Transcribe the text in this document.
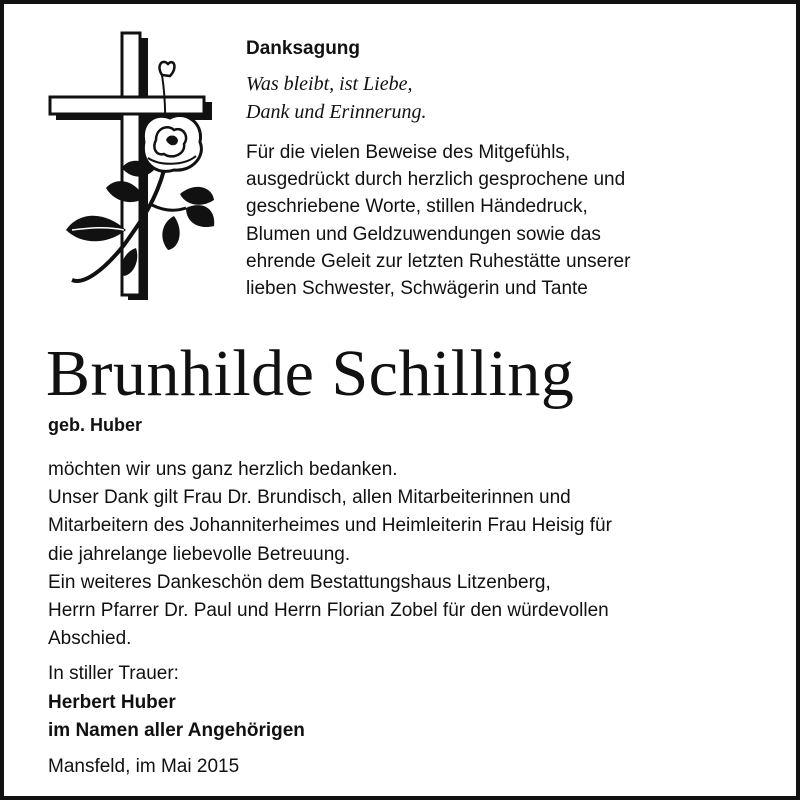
Danksagung

Was bleibt, ist Liebe,
Dank und Erinnerung.
Für die vielen Beweise des Mitgefühls,
ausgedrückt durch herzlich gesprochene und
geschriebene Worte, stillen Händedruck,
Blumen und Geldzuwendungen sowie das
ehrende Geleit zur letzten Ruhestätte unserer
lieben Schwester, Schwägerin und Tante
Brunhilde Schilling

geb. Huber

möchten wir uns ganz herzlich bedanken.
Unser Dank gilt Frau Dr. Brundisch, allen Mitarbeiterinnen und
Mitarbeitern des Johanniterheimes und Heimleiterin Frau Heisig für
die jahrelange liebevolle Betreuung.
Ein weiteres Dankeschön dem Bestattungshaus Litzenberg,
Herrn Pfarrer Dr. Paul und Herrn Florian Zobel für den würdevollen
Abschied.
In stiller Trauer:
Herbert Huber
im Namen aller Angehörigen

Mansfeld, im Mai 2015
